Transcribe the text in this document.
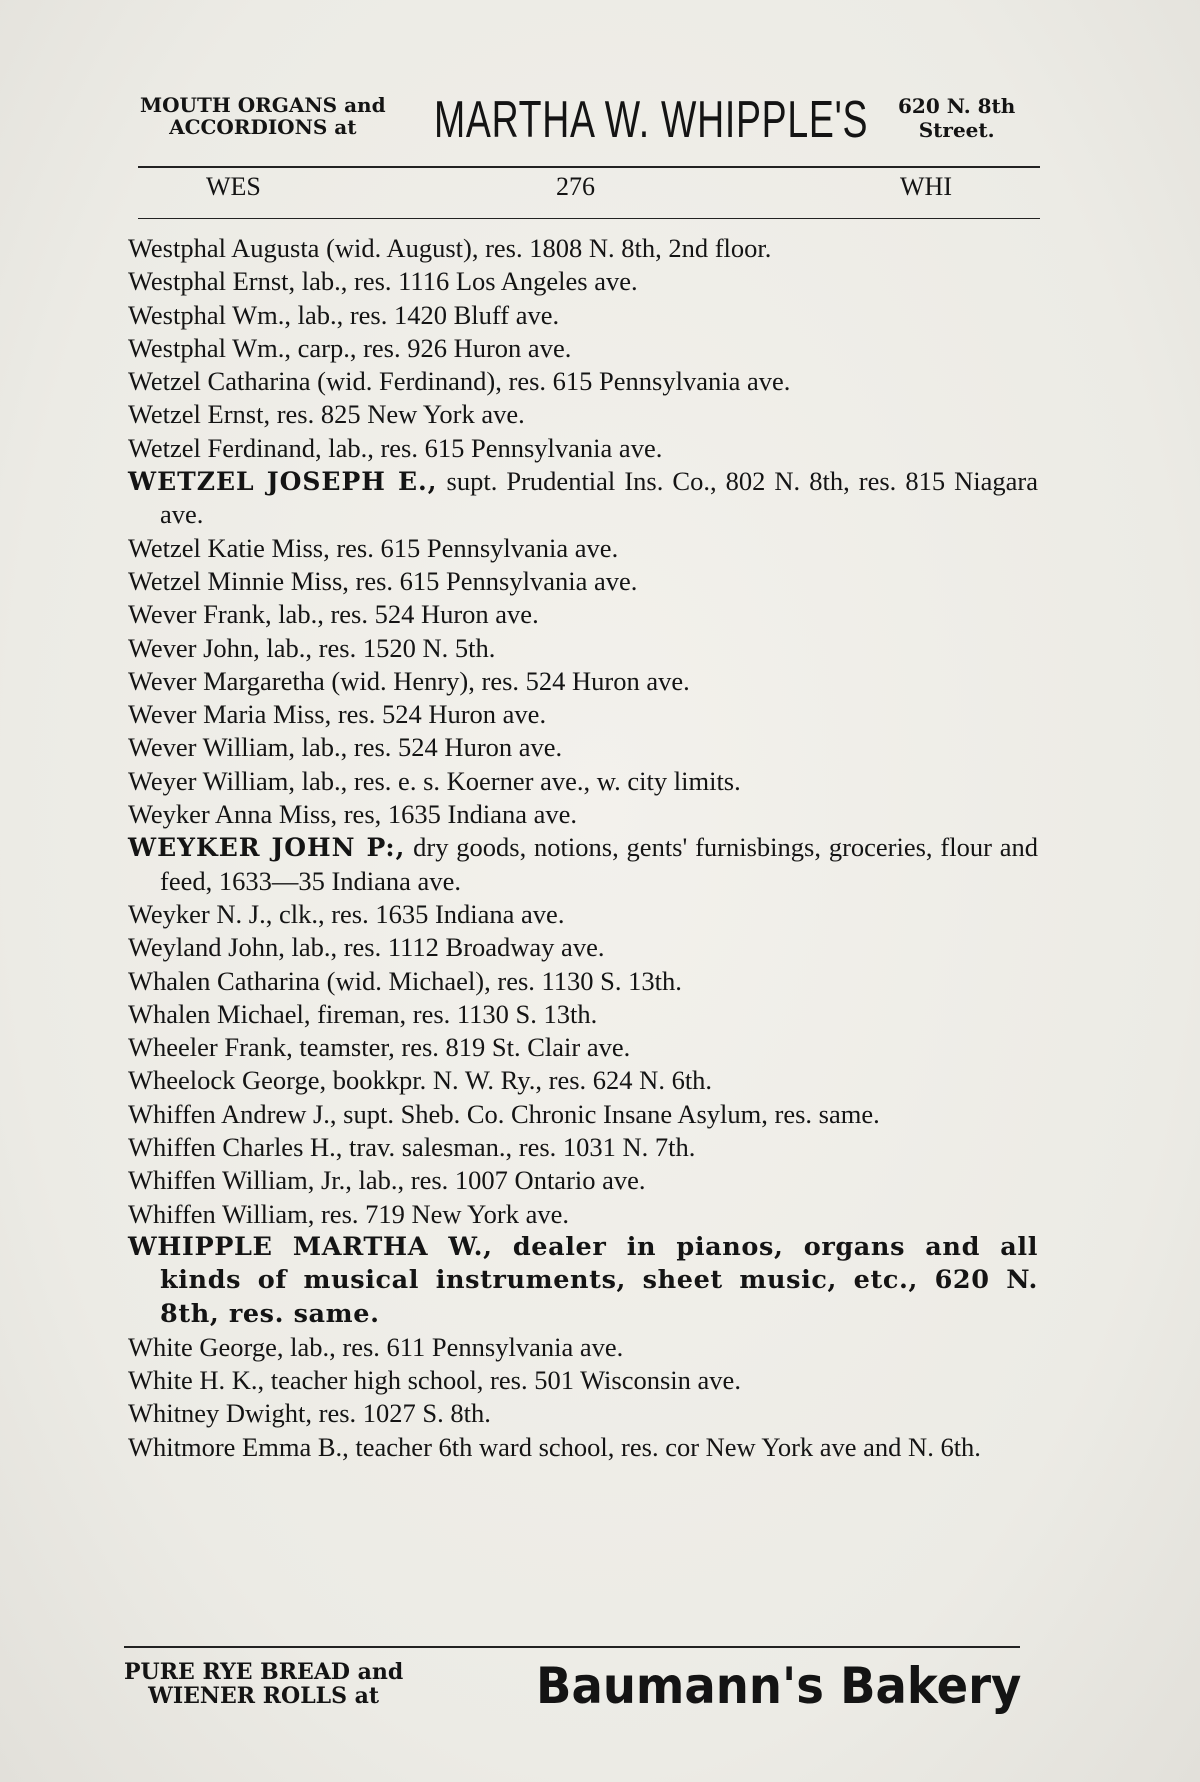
MOUTH ORGANS and
ACCORDIONS at	MARTHA W. WHIPPLE'S 620 N. 8th
Street.
WES	276	WHI
Westphal Augusta (wid. August), res. 1808 N. 8th, 2nd floor.
Westphal Ernst, lab., res. 1116 Los Angeles ave.
Westphal Wm., lab., res. 1420 Bluff ave.
Westphal Wm., carp., res. 926 Huron ave.
Wetzel Catharina (wid. Ferdinand), res. 615 Pennsylvania ave.
Wetzel Ernst, res. 825 New York ave.
Wetzel Ferdinand, lab., res. 615 Pennsylvania ave.
WETZEL JOSEPH E., supt. Prudential Ins. Co., 802 N. 8th, res. 815 Niagara ave.
Wetzel Katie Miss, res. 615 Pennsylvania ave.
Wetzel Minnie Miss, res. 615 Pennsylvania ave.
Wever Frank, lab., res. 524 Huron ave.
Wever John, lab., res. 1520 N. 5th.
Wever Margaretha (wid. Henry), res. 524 Huron ave.
Wever Maria Miss, res. 524 Huron ave.
Wever William, lab., res. 524 Huron ave.
Weyer William, lab., res. e. s. Koerner ave., w. city limits.
Weyker Anna Miss, res, 1635 Indiana ave.
WEYKER JOHN P:, dry goods, notions, gents' furnisbings, groceries, flour and feed, 1633—35 Indiana ave.
Weyker N. J., clk., res. 1635 Indiana ave.
Weyland John, lab., res. 1112 Broadway ave.
Whalen Catharina (wid. Michael), res. 1130 S. 13th.
Whalen Michael, fireman, res. 1130 S. 13th.
Wheeler Frank, teamster, res. 819 St. Clair ave.
Wheelock George, bookkpr. N. W. Ry., res. 624 N. 6th.
Whiffen Andrew J., supt. Sheb. Co. Chronic Insane Asylum, res. same.
Whiffen Charles H., trav. salesman., res. 1031 N. 7th.
Whiffen William, Jr., lab., res. 1007 Ontario ave.
Whiffen William, res. 719 New York ave.
WHIPPLE MARTHA W., dealer in pianos, organs and all kinds of musical instruments, sheet music, etc., 620 N. 8th, res. same.
White George, lab., res. 611 Pennsylvania ave.
White H. K., teacher high school, res. 501 Wisconsin ave.
Whitney Dwight, res. 1027 S. 8th.
Whitmore Emma B., teacher 6th ward school, res. cor New York ave and N. 6th.
PURE RYE BREAD and
WIENER ROLLS at	Baumann's Bakery
